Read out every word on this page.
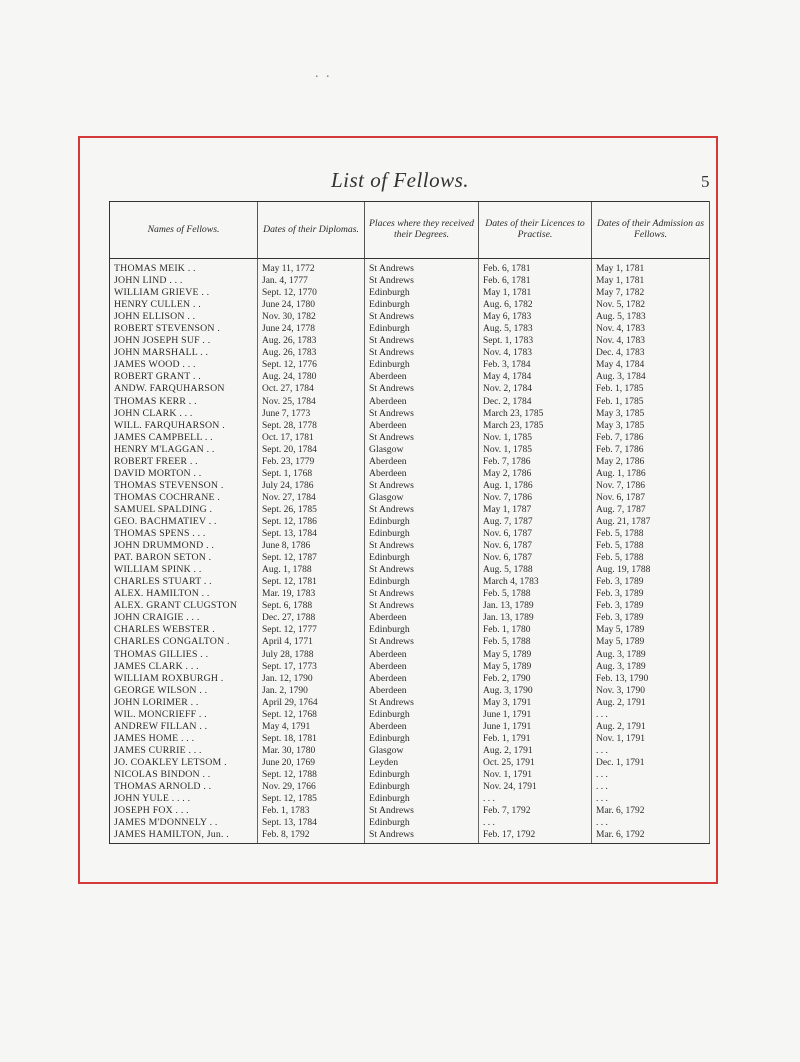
. .
List of Fellows.	5
Names of Fellows.	Dates of their Diplomas.	Places where they received their Degrees.	Dates of their Licences to Practise.	Dates of their Admission as Fellows.
THOMAS MEIK . .	May 11, 1772	St Andrews	Feb. 6, 1781	May 1, 1781
JOHN LIND . . .	Jan. 4, 1777	St Andrews	Feb. 6, 1781	May 1, 1781
WILLIAM GRIEVE . .	Sept. 12, 1770	Edinburgh	May 1, 1781	May 7, 1782
HENRY CULLEN . .	June 24, 1780	Edinburgh	Aug. 6, 1782	Nov. 5, 1782
JOHN ELLISON . .	Nov. 30, 1782	St Andrews	May 6, 1783	Aug. 5, 1783
ROBERT STEVENSON .	June 24, 1778	Edinburgh	Aug. 5, 1783	Nov. 4, 1783
JOHN JOSEPH SUF . .	Aug. 26, 1783	St Andrews	Sept. 1, 1783	Nov. 4, 1783
JOHN MARSHALL . .	Aug. 26, 1783	St Andrews	Nov. 4, 1783	Dec. 4, 1783
JAMES WOOD . . .	Sept. 12, 1776	Edinburgh	Feb. 3, 1784	May 4, 1784
ROBERT GRANT . .	Aug. 24, 1780	Aberdeen	May 4, 1784	Aug. 3, 1784
ANDW. FARQUHARSON	Oct. 27, 1784	St Andrews	Nov. 2, 1784	Feb. 1, 1785
THOMAS KERR . .	Nov. 25, 1784	Aberdeen	Dec. 2, 1784	Feb. 1, 1785
JOHN CLARK . . .	June 7, 1773	St Andrews	March 23, 1785	May 3, 1785
WILL. FARQUHARSON .	Sept. 28, 1778	Aberdeen	March 23, 1785	May 3, 1785
JAMES CAMPBELL . .	Oct. 17, 1781	St Andrews	Nov. 1, 1785	Feb. 7, 1786
HENRY M'LAGGAN . .	Sept. 20, 1784	Glasgow	Nov. 1, 1785	Feb. 7, 1786
ROBERT FREER . .	Feb. 23, 1779	Aberdeen	Feb. 7, 1786	May 2, 1786
DAVID MORTON . .	Sept. 1, 1768	Aberdeen	May 2, 1786	Aug. 1, 1786
THOMAS STEVENSON .	July 24, 1786	St Andrews	Aug. 1, 1786	Nov. 7, 1786
THOMAS COCHRANE .	Nov. 27, 1784	Glasgow	Nov. 7, 1786	Nov. 6, 1787
SAMUEL SPALDING .	Sept. 26, 1785	St Andrews	May 1, 1787	Aug. 7, 1787
GEO. BACHMATIEV . .	Sept. 12, 1786	Edinburgh	Aug. 7, 1787	Aug. 21, 1787
THOMAS SPENS . . .	Sept. 13, 1784	Edinburgh	Nov. 6, 1787	Feb. 5, 1788
JOHN DRUMMOND . .	June 8, 1786	St Andrews	Nov. 6, 1787	Feb. 5, 1788
PAT. BARON SETON .	Sept. 12, 1787	Edinburgh	Nov. 6, 1787	Feb. 5, 1788
WILLIAM SPINK . .	Aug. 1, 1788	St Andrews	Aug. 5, 1788	Aug. 19, 1788
CHARLES STUART . .	Sept. 12, 1781	Edinburgh	March 4, 1783	Feb. 3, 1789
ALEX. HAMILTON . .	Mar. 19, 1783	St Andrews	Feb. 5, 1788	Feb. 3, 1789
ALEX. GRANT CLUGSTON	Sept. 6, 1788	St Andrews	Jan. 13, 1789	Feb. 3, 1789
JOHN CRAIGIE . . .	Dec. 27, 1788	Aberdeen	Jan. 13, 1789	Feb. 3, 1789
CHARLES WEBSTER .	Sept. 12, 1777	Edinburgh	Feb. 1, 1780	May 5, 1789
CHARLES CONGALTON .	April 4, 1771	St Andrews	Feb. 5, 1788	May 5, 1789
THOMAS GILLIES . .	July 28, 1788	Aberdeen	May 5, 1789	Aug. 3, 1789
JAMES CLARK . . .	Sept. 17, 1773	Aberdeen	May 5, 1789	Aug. 3, 1789
WILLIAM ROXBURGH .	Jan. 12, 1790	Aberdeen	Feb. 2, 1790	Feb. 13, 1790
GEORGE WILSON . .	Jan. 2, 1790	Aberdeen	Aug. 3, 1790	Nov. 3, 1790
JOHN LORIMER . .	April 29, 1764	St Andrews	May 3, 1791	Aug. 2, 1791
WIL. MONCRIEFF . .	Sept. 12, 1768	Edinburgh	June 1, 1791	. . .
ANDREW FILLAN . .	May 4, 1791	Aberdeen	June 1, 1791	Aug. 2, 1791
JAMES HOME . . .	Sept. 18, 1781	Edinburgh	Feb. 1, 1791	Nov. 1, 1791
JAMES CURRIE . . .	Mar. 30, 1780	Glasgow	Aug. 2, 1791	. . .
JO. COAKLEY LETSOM .	June 20, 1769	Leyden	Oct. 25, 1791	Dec. 1, 1791
NICOLAS BINDON . .	Sept. 12, 1788	Edinburgh	Nov. 1, 1791	. . .
THOMAS ARNOLD . .	Nov. 29, 1766	Edinburgh	Nov. 24, 1791	. . .
JOHN YULE . . . .	Sept. 12, 1785	Edinburgh	. . .	. . .
JOSEPH FOX . . .	Feb. 1, 1783	St Andrews	Feb. 7, 1792	Mar. 6, 1792
JAMES M'DONNELY . .	Sept. 13, 1784	Edinburgh	. . .	. . .
JAMES HAMILTON, Jun. .	Feb. 8, 1792	St Andrews	Feb. 17, 1792	Mar. 6, 1792
